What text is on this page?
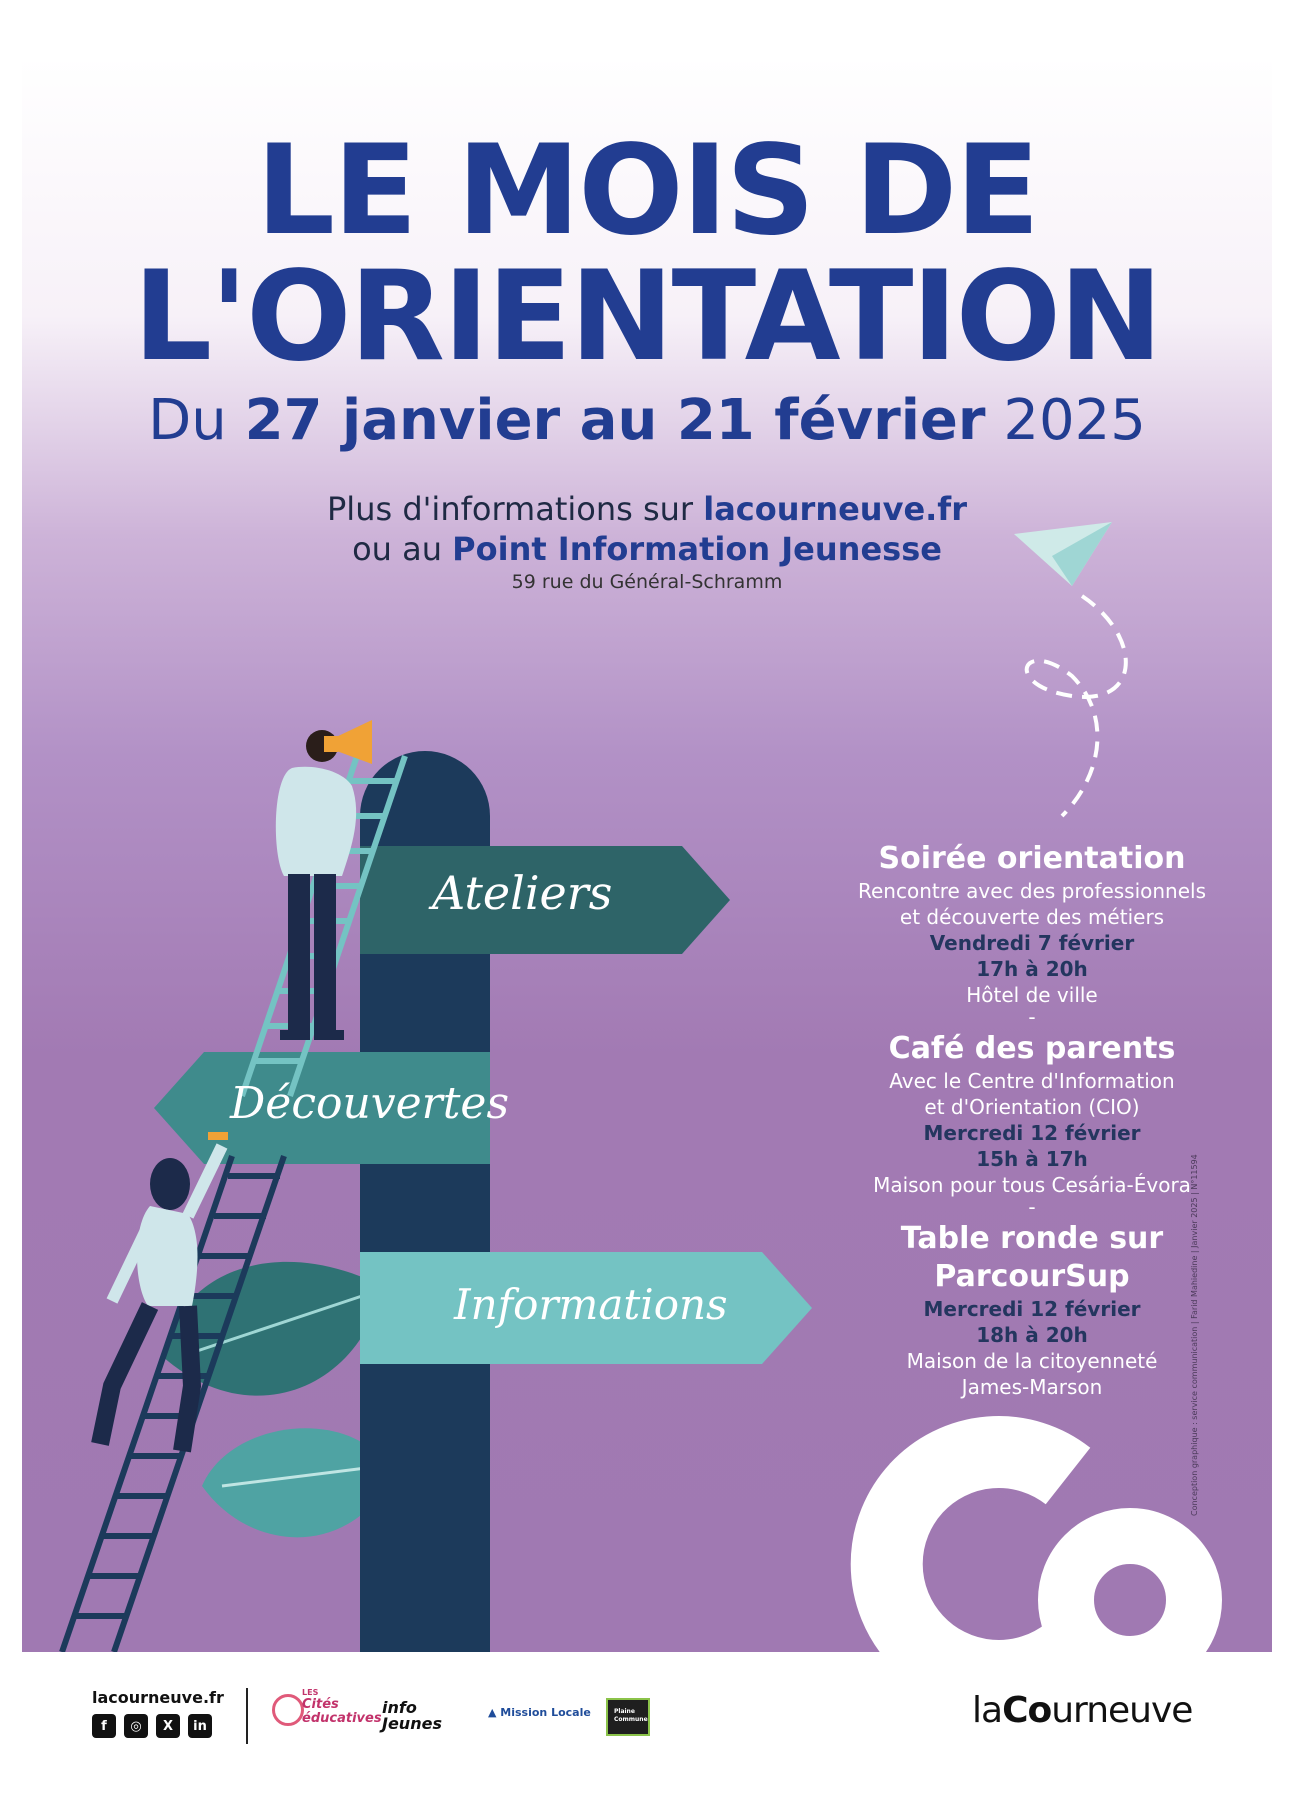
LE MOIS DE
L'ORIENTATION
Du 27 janvier au 21 février 2025
Plus d'informations sur lacourneuve.fr
ou au Point Information Jeunesse
59 rue du Général-Schramm
Ateliers
Découvertes
Informations
Soirée orientation
Rencontre avec des professionnels
et découverte des métiers
Vendredi 7 février
17h à 20h
Hôtel de ville
-
Café des parents
Avec le Centre d'Information
et d'Orientation (CIO)
Mercredi 12 février
15h à 17h
Maison pour tous Cesária-Évora
-
Table ronde sur
ParcourSup
Mercredi 12 février
18h à 20h
Maison de la citoyenneté
James-Marson	Conception graphique : service communication | Farid Mahiedine | Janvier 2025 | N°11594
lacourneuve.fr
f	◎	X	in
LES
Cités éducatives
info Jeunes
▲ Mission Locale	Plaine Commune	laCourneuve
